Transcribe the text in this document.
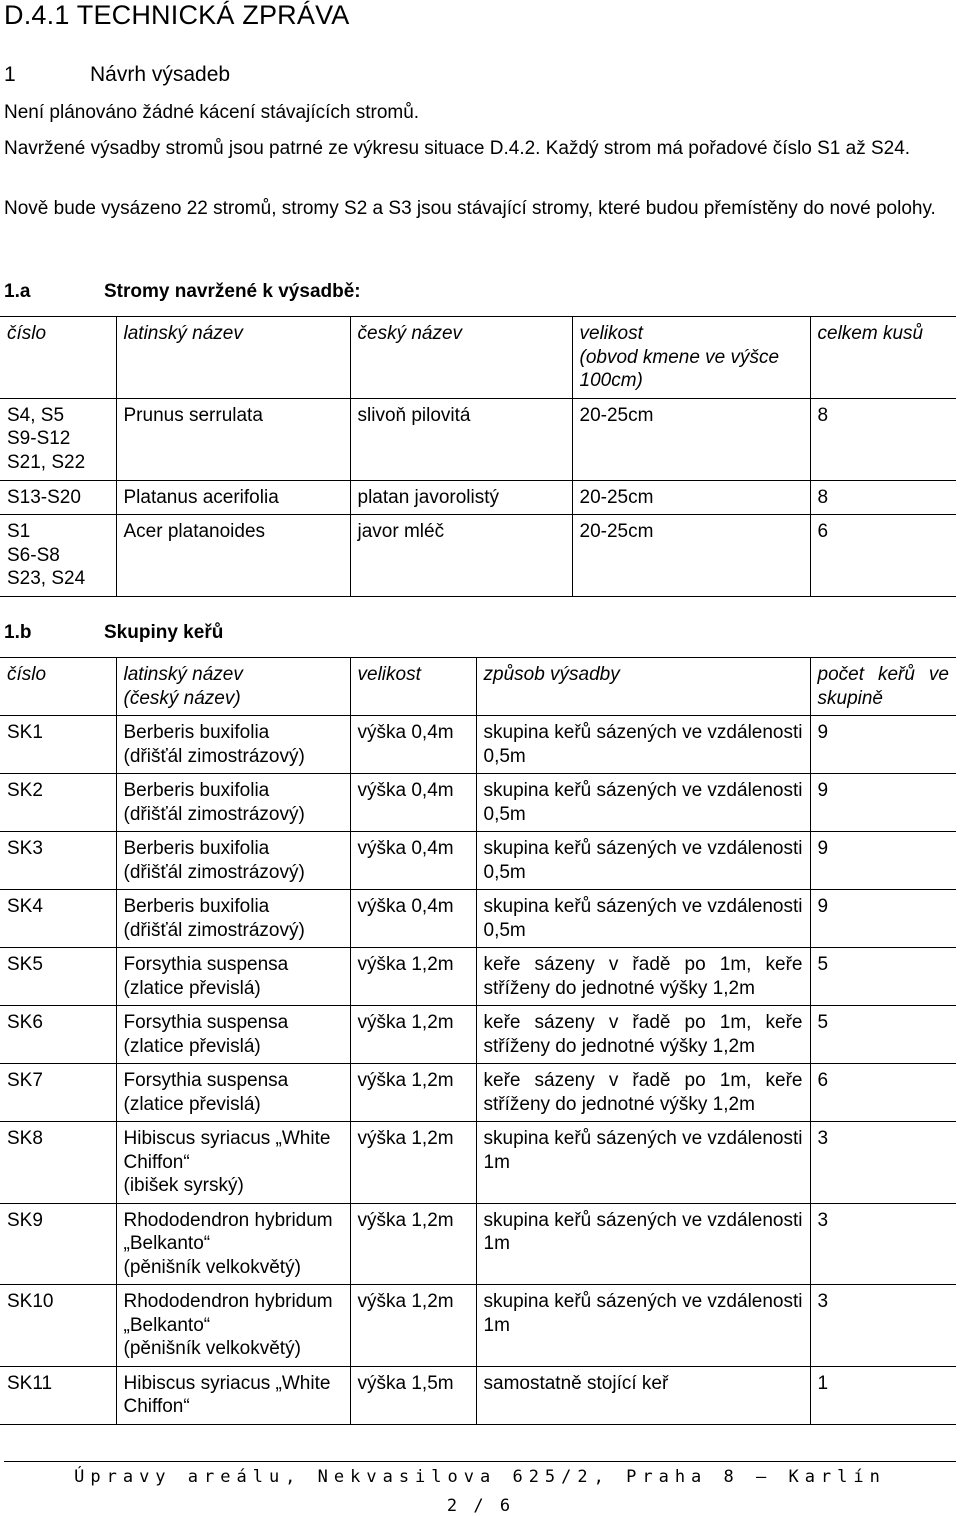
D.4.1 TECHNICKÁ ZPRÁVA
1	Návrh výsadeb
Není plánováno žádné kácení stávajících stromů.
Navržené výsadby stromů jsou patrné ze výkresu situace D.4.2. Každý strom má pořadové číslo S1 až S24.
Nově bude vysázeno 22 stromů, stromy S2 a S3 jsou stávající stromy, které budou přemístěny do nové polohy.
1.a	Stromy navržené k výsadbě:
číslo	latinský název	český název	velikost
(obvod kmene ve výšce 100cm)	celkem kusů
S4, S5
S9-S12
S21, S22	Prunus serrulata	slivoň pilovitá	20-25cm	8
S13-S20	Platanus acerifolia	platan javorolistý	20-25cm	8
S1
S6-S8
S23, S24	Acer platanoides	javor mléč	20-25cm	6
1.b	Skupiny keřů
číslo	latinský název
(český název)	velikost	způsob výsadby	počet keřů ve skupině
SK1	Berberis buxifolia
(dřišťál zimostrázový)	výška 0,4m	skupina keřů sázených ve vzdálenosti 0,5m	9
SK2	Berberis buxifolia
(dřišťál zimostrázový)	výška 0,4m	skupina keřů sázených ve vzdálenosti 0,5m	9
SK3	Berberis buxifolia
(dřišťál zimostrázový)	výška 0,4m	skupina keřů sázených ve vzdálenosti 0,5m	9
SK4	Berberis buxifolia
(dřišťál zimostrázový)	výška 0,4m	skupina keřů sázených ve vzdálenosti 0,5m	9
SK5	Forsythia suspensa
(zlatice převislá)	výška 1,2m	keře sázeny v řadě po 1m, keře stříženy do jednotné výšky 1,2m	5
SK6	Forsythia suspensa
(zlatice převislá)	výška 1,2m	keře sázeny v řadě po 1m, keře stříženy do jednotné výšky 1,2m	5
SK7	Forsythia suspensa
(zlatice převislá)	výška 1,2m	keře sázeny v řadě po 1m, keře stříženy do jednotné výšky 1,2m	6
SK8	Hibiscus syriacus „White Chiffon“
(ibišek syrský)	výška 1,2m	skupina keřů sázených ve vzdálenosti 1m	3
SK9	Rhododendron hybridum „Belkanto“
(pěnišník velkokvětý)	výška 1,2m	skupina keřů sázených ve vzdálenosti 1m	3
SK10	Rhododendron hybridum „Belkanto“
(pěnišník velkokvětý)	výška 1,2m	skupina keřů sázených ve vzdálenosti 1m	3
SK11	Hibiscus syriacus „White Chiffon“	výška 1,5m	samostatně stojící keř	1
Úpravy areálu, Nekvasilova 625/2, Praha 8 – Karlín
2 / 6
